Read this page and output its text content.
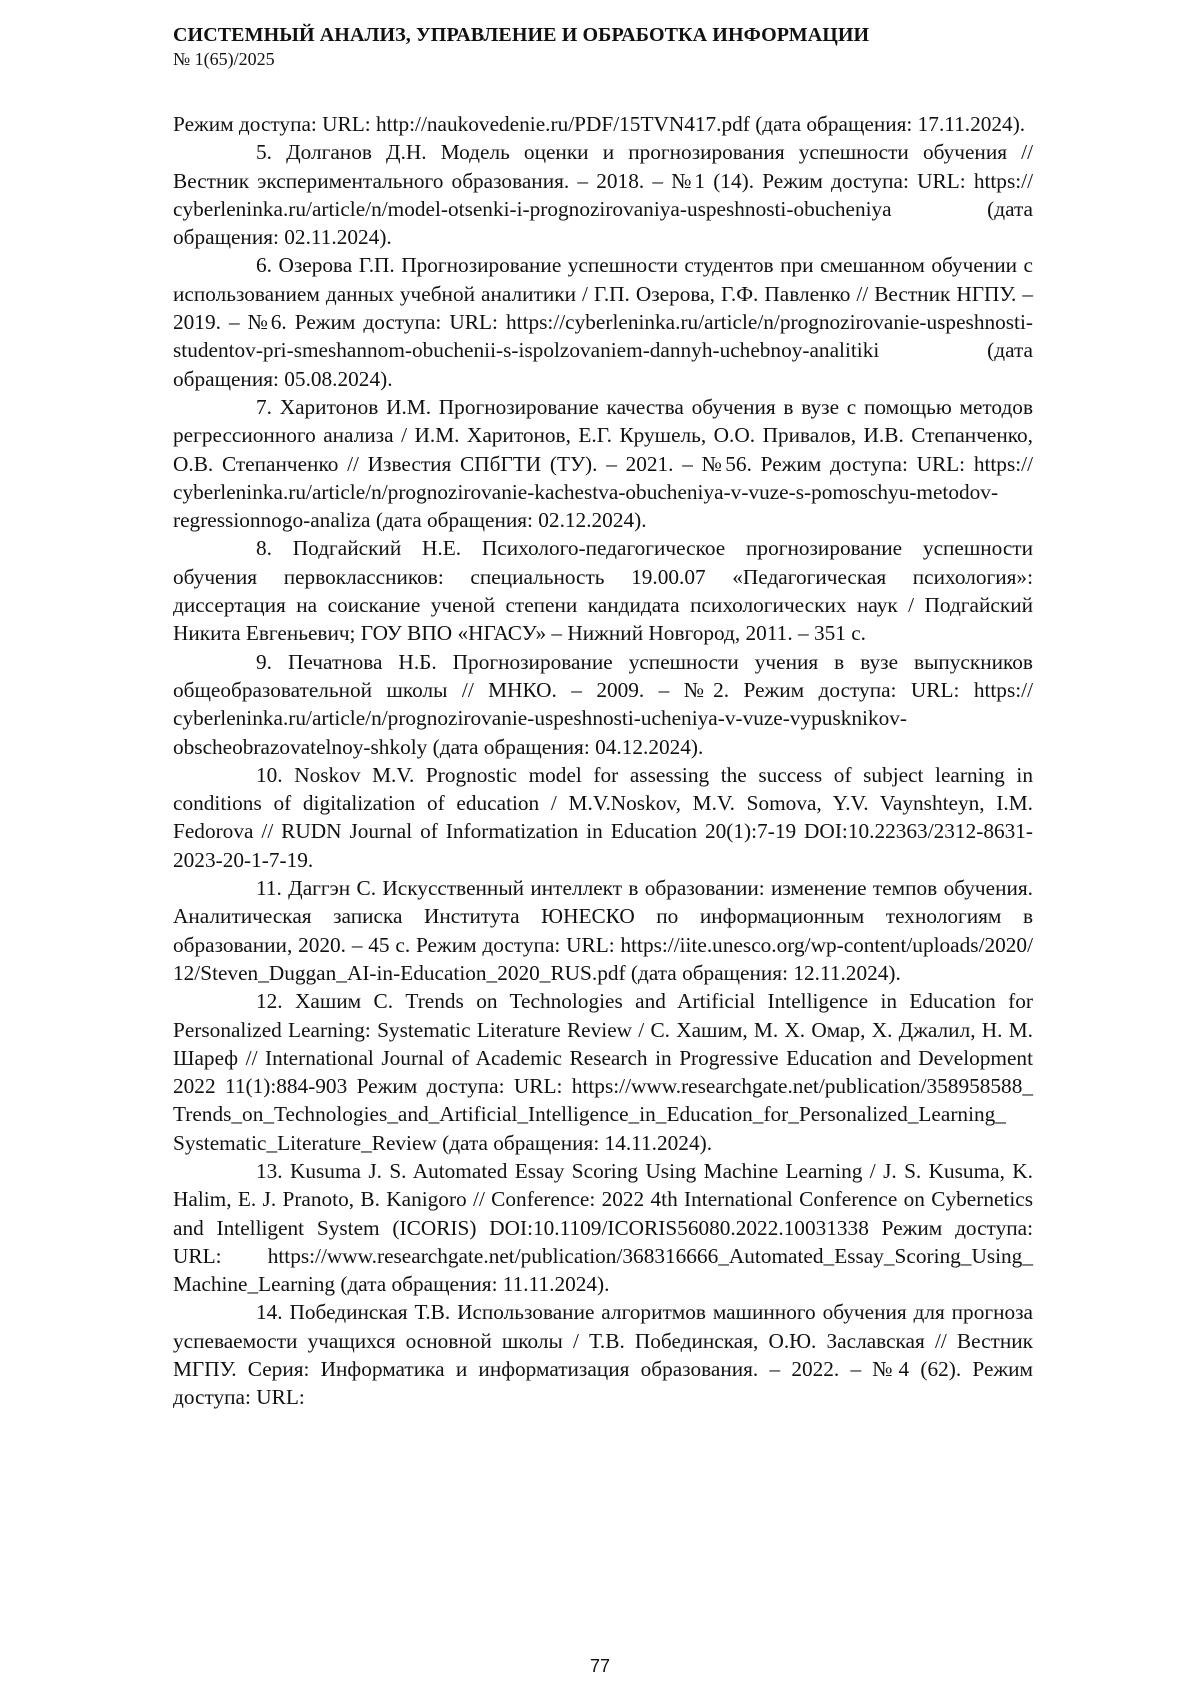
СИСТЕМНЫЙ АНАЛИЗ, УПРАВЛЕНИЕ И ОБРАБОТКА ИНФОРМАЦИИ
№ 1(65)/2025

Режим доступа: URL: http://naukovedenie.ru/PDF/15TVN417.pdf (дата обращения: 17.11.2024).

5. Долганов Д.Н. Модель оценки и прогнозирования успешности обучения // Вестник экспериментального образования. – 2018. – №1 (14). Режим доступа: URL: https://cyberleninka.ru/article/n/model-otsenki-i-prognozirovaniya-uspeshnosti-obucheniya (дата обращения: 02.11.2024).

6. Озерова Г.П. Прогнозирование успешности студентов при смешанном обучении с использованием данных учебной аналитики / Г.П. Озерова, Г.Ф. Павленко // Вестник НГПУ. – 2019. – №6. Режим доступа: URL: https://cyberleninka.ru/article/n/prognozirovanie-uspeshnosti-studentov-pri-smeshannom-obuchenii-s-ispolzovaniem-dannyh-uchebnoy-analitiki (дата обращения: 05.08.2024).

7. Харитонов И.М. Прогнозирование качества обучения в вузе с помощью методов регрессионного анализа / И.М. Харитонов, Е.Г. Крушель, О.О. Привалов, И.В. Степанченко, О.В. Степанченко // Известия СПбГТИ (ТУ). – 2021. – №56. Режим доступа: URL: https://cyberleninka.ru/article/n/prognozirovanie-kachestva-obucheniya-v-vuze-s-pomoschyu-metodov-regressionnogo-analiza (дата обращения: 02.12.2024).

8. Подгайский Н.Е. Психолого-педагогическое прогнозирование успешности обучения первоклассников: специальность 19.00.07 «Педагогическая психология»: диссертация на соискание ученой степени кандидата психологических наук / Подгайский Никита Евгеньевич; ГОУ ВПО «НГАСУ» – Нижний Новгород, 2011. – 351 с.

9. Печатнова Н.Б. Прогнозирование успешности учения в вузе выпускников общеобразовательной школы // МНКО. – 2009. – №2. Режим доступа: URL: https://cyberleninka.ru/article/n/prognozirovanie-uspeshnosti-ucheniya-v-vuze-vypusknikov-obscheobrazovatelnoy-shkoly (дата обращения: 04.12.2024).

10. Noskov M.V. Prognostic model for assessing the success of subject learning in conditions of digitalization of education / M.V.Noskov, M.V. Somova, Y.V. Vaynshteyn, I.M. Fedorova // RUDN Journal of Informatization in Education 20(1):7-19 DOI:10.22363/2312-8631-2023-20-1-7-19.

11. Даггэн С. Искусственный интеллект в образовании: изменение темпов обучения. Аналитическая записка Института ЮНЕСКО по информационным технологиям в образовании, 2020. – 45 с. Режим доступа: URL: https://iite.unesco.org/wp-content/uploads/2020/12/Steven_Duggan_AI-in-Education_2020_RUS.pdf (дата обращения: 12.11.2024).

12. Хашим С. Trends on Technologies and Artificial Intelligence in Education for Personalized Learning: Systematic Literature Review / С. Хашим, М. Х. Омар, Х. Джалил, Н. М. Шареф // International Journal of Academic Research in Progressive Education and Development 2022 11(1):884-903 Режим доступа: URL: https://www.researchgate.net/publication/358958588_Trends_on_Technologies_and_Artificial_Intelligence_in_Education_for_Personalized_Learning_Systematic_Literature_Review (дата обращения: 14.11.2024).

13. Kusuma J. S. Automated Essay Scoring Using Machine Learning / J. S. Kusuma, K. Halim, E. J. Pranoto, B. Kanigoro // Conference: 2022 4th International Conference on Cybernetics and Intelligent System (ICORIS) DOI:10.1109/ICORIS56080.2022.10031338 Режим доступа: URL: https://www.researchgate.net/publication/368316666_Automated_Essay_Scoring_Using_Machine_Learning (дата обращения: 11.11.2024).

14. Побединская Т.В. Использование алгоритмов машинного обучения для прогноза успеваемости учащихся основной школы / Т.В. Побединская, О.Ю. Заславская // Вестник МГПУ. Серия: Информатика и информатизация образования. – 2022. – №4 (62). Режим доступа: URL:

77
